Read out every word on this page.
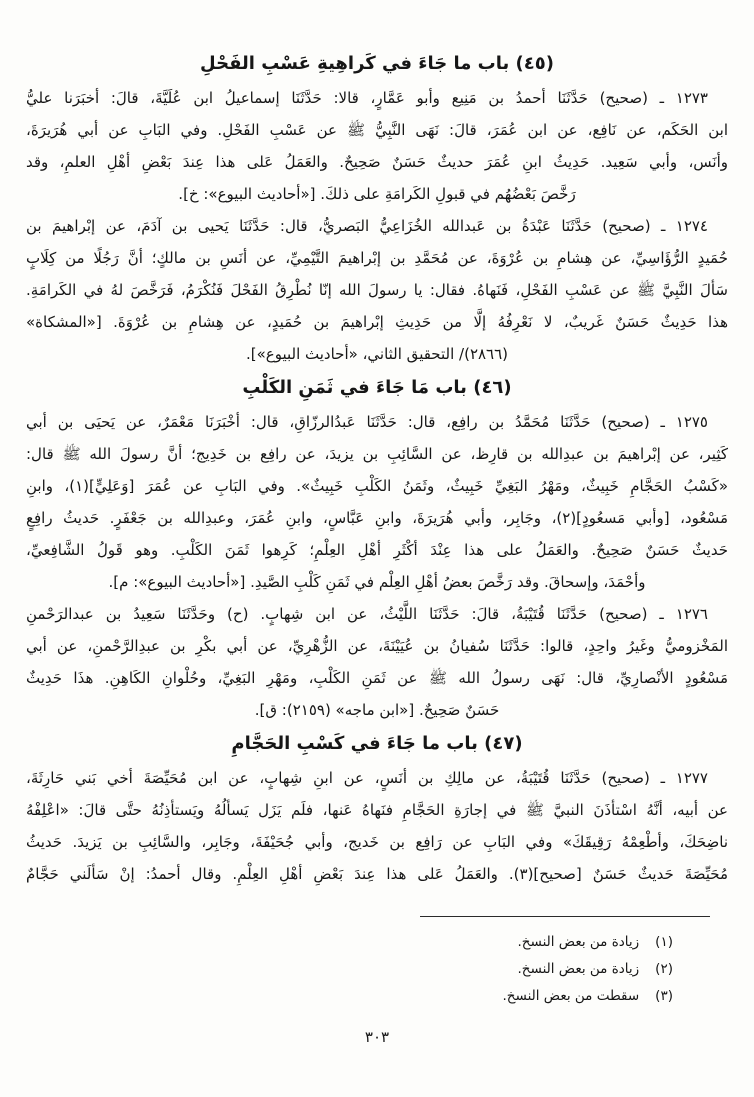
(٤٥) باب ما جَاءَ في كَراهِيةِ عَسْبِ الفَحْلِ
١٢٧٣ ـ (صحيح) حَدَّثَنَا أحمدُ بن مَنِيع وأبو عَمَّارٍ، قالا: حَدَّثَنَا إسماعيلُ ابن عُلَيَّةَ، قالَ: أخبَرَنا عليُّ
ابن الحَكَم، عن نَافِع، عن ابن عُمَرَ، قالَ: نَهَى النَّبِيُّ ﷺ عن عَسْبِ الفَحْلِ. وفي البَابِ عن أبي هُرَيرَةَ،
وأنَس، وأبي سَعِيد. حَدِيثُ ابنِ عُمَرَ حديثٌ حَسَنٌ صَحِيحٌ. والعَمَلُ عَلى هذا عِندَ بَعْضِ أهْلِ العلمِ، وقد
رَخَّصَ بَعْضُهُم في قبولِ الكَرامَةِ على ذلكَ. [«أحاديث البيوع»: خ].
١٢٧٤ ـ (صحيح) حَدَّثَنَا عَبْدَةُ بن عَبدالله الخُزَاعِيُّ البَصريُّ، قال: حَدَّثَنَا يَحيى بن آدَمَ، عن إبْراهيمَ بن
حُمَيدٍ الرُّؤَاسِيِّ، عن هِشامِ بن عُرْوَةَ، عن مُحَمَّدِ بن إبْراهيمَ التَّيْمِيِّ، عن أنَسِ بن مالكٍ؛ أنَّ رَجُلًا من كِلَابٍ
سَألَ النَّبِيَّ ﷺ عن عَسْبِ الفَحْلِ، فَنَهاهُ. فقال: يا رسولَ الله إنّا نُطْرِقُ الفَحْلَ فَنُكْرَمُ، فَرَخَّصَ لهُ في الكَرامَةِ.
هذا حَدِيثٌ حَسَنٌ غَريبٌ، لا نَعْرِفُهُ إلَّا من حَدِيثِ إبْراهيمَ بن حُمَيدٍ، عن هِشامِ بن عُرْوَةَ. [«المشكاة»
(٢٨٦٦)/ التحقيق الثاني، «أحاديث البيوع»].
(٤٦) باب مَا جَاءَ في ثَمَنِ الكَلْبِ
١٢٧٥ ـ (صحيح) حَدَّثَنَا مُحَمَّدُ بن رافِع، قال: حَدَّثَنَا عَبدُالرزّاقِ، قال: أخْبَرَنَا مَعْمَرٌ، عن يَحيَى بن أبي
كَثِير، عن إبْراهيمَ بن عبدِالله بن قارِظ، عن السَّائِبِ بن يزيدَ، عن رافِع بن خَدِيج؛ أنَّ رسولَ الله ﷺ قال:
«كَسْبُ الحَجَّامِ خَبِيثٌ، ومَهْرُ البَغِيِّ خَبِيثٌ، وثَمَنُ الكَلْبِ خَبِيثٌ». وفي البَابِ عن عُمَرَ [وَعَلِيٍّ](١)، وابنِ
مَسْعُود، [وأبي مَسعُودٍ](٢)، وجَابِر، وأبي هُرَيرَةَ، وابنِ عَبَّاسٍ، وابنِ عُمَرَ، وعبدِالله بن جَعْفَرٍ. حَديثُ رافِعٍ
حَديثٌ حَسَنٌ صَحِيحٌ. والعَمَلُ على هذا عِنْدَ أكْثَرِ أهْلِ العِلْمِ؛ كَرِهوا ثَمَنَ الكَلْبِ. وهو قَولُ الشَّافِعيِّ،
وأحْمَدَ، وإسحاقَ. وقد رَخَّصَ بعضُ أهْلِ العِلْم في ثَمَنِ كَلْبِ الصَّيدِ. [«أحاديث البيوع»: م].
١٢٧٦ ـ (صحيح) حَدَّثَنَا قُتَيْبَةُ، قالَ: حَدَّثَنَا اللَّيْثُ، عن ابن شِهابٍ. (ح) وحَدَّثَنَا سَعِيدُ بن عبدالرَحْمنِ
المَخْزوميُّ وغَيرُ واحِدٍ، قالوا: حَدَّثَنَا سُفيانُ بن عُيَيْنَةَ، عن الزُّهْرِيِّ، عن أبي بكْرِ بن عبدِالرَّحْمنِ، عن أبي
مَسْعُودٍ الأنْصارِيِّ، قال: نَهَى رسولُ الله ﷺ عن ثَمَنِ الكَلْبِ، ومَهْرِ البَغِيِّ، وحُلْوانِ الكَاهِنِ. هذَا حَدِيثٌ
حَسَنٌ صَحِيحٌ. [«ابن ماجه» (٢١٥٩): ق].
(٤٧) باب ما جَاءَ في كَسْبِ الحَجَّامِ
١٢٧٧ ـ (صحيح) حَدَّثَنَا قُتَيْبَةُ، عن مالِكِ بن أنَسٍ، عن ابنِ شِهابٍ، عن ابن مُحَيِّصَةَ أخي بَني حَارِثَةَ،
عن أبيه، أنَّهُ اسْتأذَنَ النبيَّ ﷺ في إجارَةِ الحَجَّامِ فنَهاهُ عَنها، فلَم يَزَل يَسألُهُ ويَستأذِنُهُ حتَّى قالَ: «اعْلِفْهُ
ناضِحَكَ، وأطْعِمْهُ رَقِيقَكَ» وفي البَابِ عن رَافِع بن خَديج، وأبي جُحَيْفَةَ، وجَابِر، والسَّائِبِ بن يَزيدَ. حَديثُ
مُحَيِّصَةَ حَديثٌ حَسَنٌ [صحيح](٣). والعَمَلُ عَلى هذا عِندَ بَعْضِ أهْلِ العِلْمِ. وقال أحمدُ: إنْ سَألَني حَجَّامٌ
(١)
زيادة من بعض النسخ.
(٢)
زيادة من بعض النسخ.
(٣)
سقطت من بعض النسخ.
٣٠٣
